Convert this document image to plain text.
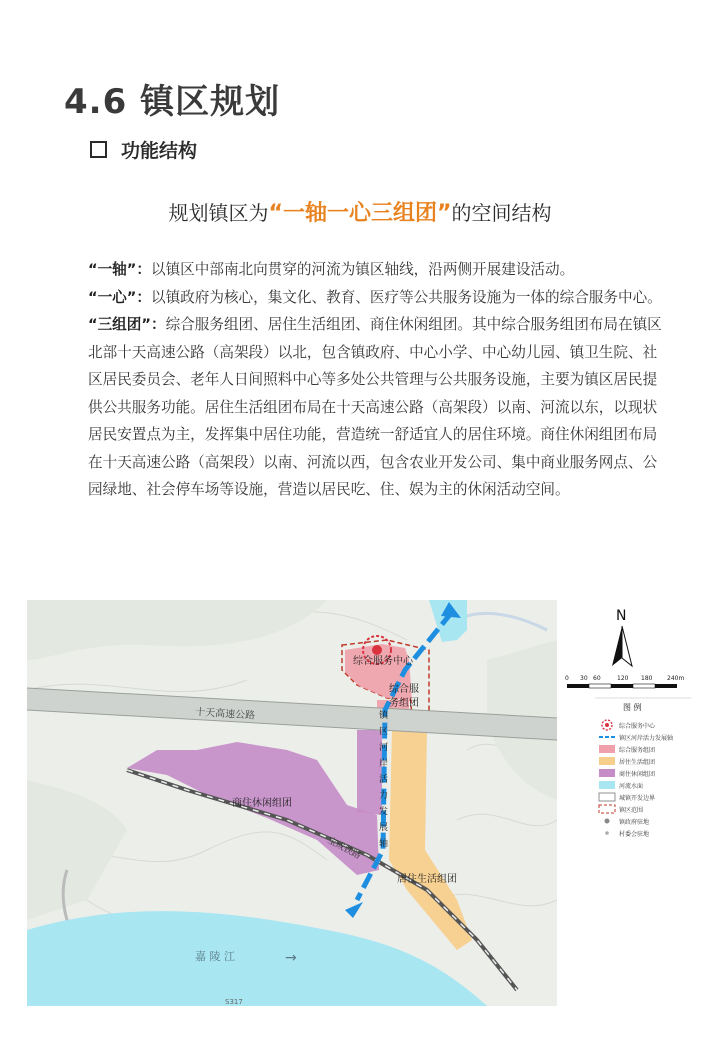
4.6 镇区规划
功能结构
规划镇区为“一轴一心三组团”的空间结构

“一轴”：以镇区中部南北向贯穿的河流为镇区轴线，沿两侧开展建设活动。

“一心”：以镇政府为核心，集文化、教育、医疗等公共服务设施为一体的综合服务中心。

“三组团”：综合服务组团、居住生活组团、商住休闲组团。其中综合服务组团布局在镇区北部十天高速公路（高架段）以北，包含镇政府、中心小学、中心幼儿园、镇卫生院、社区居民委员会、老年人日间照料中心等多处公共管理与公共服务设施，主要为镇区居民提供公共服务功能。居住生活组团布局在十天高速公路（高架段）以南、河流以东，以现状居民安置点为主，发挥集中居住功能，营造统一舒适宜人的居住环境。商住休闲组团布局在十天高速公路（高架段）以南、河流以西，包含农业开发公司、集中商业服务网点、公园绿地、社会停车场等设施，营造以居民吃、住、娱为主的休闲活动空间。

十天高速公路
宝成铁路
嘉 陵 江	→
S317
综合服务中心
综合服
务组团
商住休闲组团
居住生活组团
镇
区
河
岸
活
力
发
展
轴
N
0 30 60	120 180 240m
图 例
综合服务中心
镇区河岸活力发展轴
综合服务组团
居住生活组团
商住休闲组团
河流水面
城镇开发边界
镇区范围
镇政府驻地
村委会驻地
